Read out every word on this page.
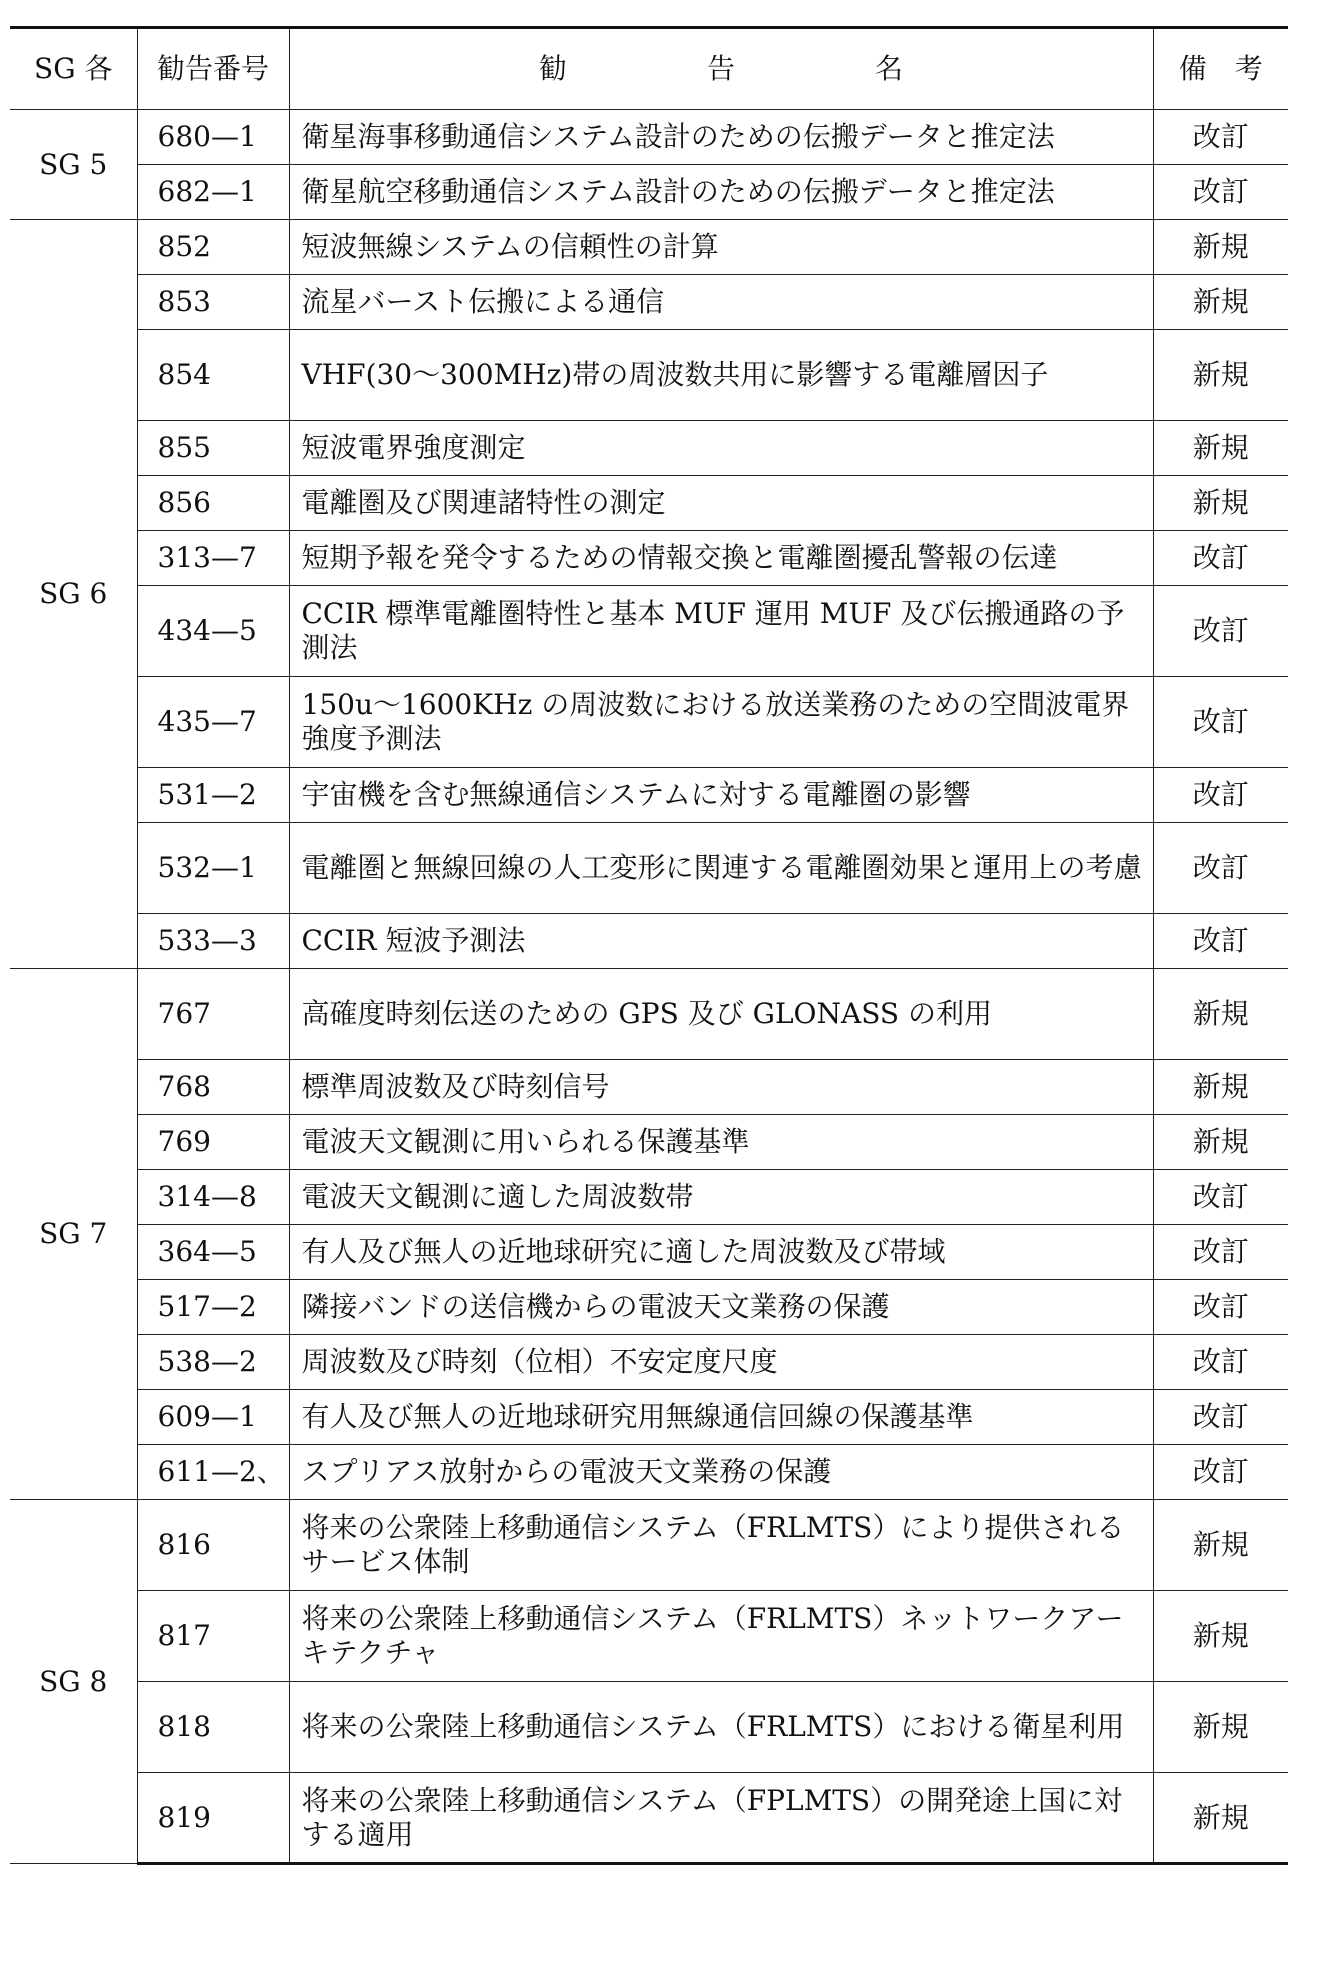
SG 各	勧告番号	勧　　　　　告　　　　　名	備　考
SG 5	680—1	衛星海事移動通信システム設計のための伝搬データと推定法	改訂
	682—1	衛星航空移動通信システム設計のための伝搬データと推定法	改訂
SG 6	852	短波無線システムの信頼性の計算	新規
	853	流星バースト伝搬による通信	新規
	854	VHF(30～300MHz)帯の周波数共用に影響する電離層因子	新規
	855	短波電界強度測定	新規
	856	電離圏及び関連諸特性の測定	新規
	313—7	短期予報を発令するための情報交換と電離圏擾乱警報の伝達	改訂
	434—5	CCIR 標準電離圏特性と基本 MUF 運用 MUF 及び伝搬通路の予測法	改訂
	435—7	150u～1600KHz の周波数における放送業務のための空間波電界強度予測法	改訂
	531—2	宇宙機を含む無線通信システムに対する電離圏の影響	改訂
	532—1	電離圏と無線回線の人工変形に関連する電離圏効果と運用上の考慮	改訂
	533—3	CCIR 短波予測法	改訂
SG 7	767	高確度時刻伝送のための GPS 及び GLONASS の利用	新規
	768	標準周波数及び時刻信号	新規
	769	電波天文観測に用いられる保護基準	新規
	314—8	電波天文観測に適した周波数帯	改訂
	364—5	有人及び無人の近地球研究に適した周波数及び帯域	改訂
	517—2	隣接バンドの送信機からの電波天文業務の保護	改訂
	538—2	周波数及び時刻（位相）不安定度尺度	改訂
	609—1	有人及び無人の近地球研究用無線通信回線の保護基準	改訂
	611—2、	スプリアス放射からの電波天文業務の保護	改訂
SG 8	816	将来の公衆陸上移動通信システム（FRLMTS）により提供されるサービス体制	新規
	817	将来の公衆陸上移動通信システム（FRLMTS）ネットワークアーキテクチャ	新規
	818	将来の公衆陸上移動通信システム（FRLMTS）における衛星利用	新規
	819	将来の公衆陸上移動通信システム（FPLMTS）の開発途上国に対する適用	新規
